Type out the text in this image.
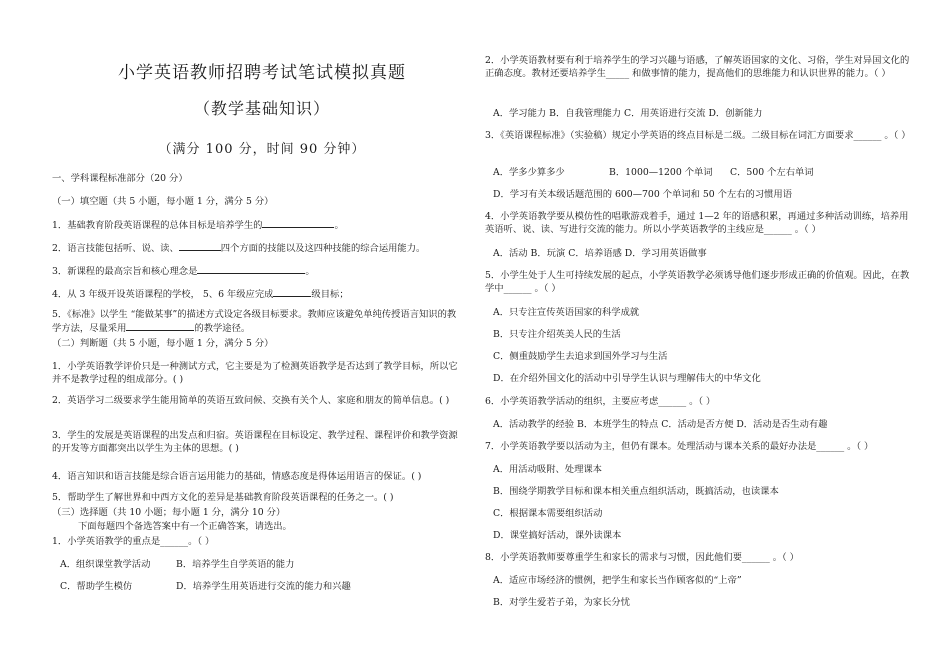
小学英语教师招聘考试笔试模拟真题
（教学基础知识）
（满分 100 分，时间 90 分钟）
一、学科课程标准部分（20 分）
（一）填空题（共 5 小题，每小题 1 分，满分 5 分）
1．基础教育阶段英语课程的总体目标是培养学生的	。
2．语言技能包括听、说、读、	四个方面的技能以及这四种技能的综合运用能力。
3．新课程的最高宗旨和核心理念是	。
4．从 3 年级开设英语课程的学校， 5、6 年级应完成	级目标；
5．《标准》以学生 “能做某事”的描述方式设定各级目标要求。教师应该避免单纯传授语言知识的教学方法，尽量采用	的教学途径。
（二）判断题（共 5 小题，每小题 1 分，满分 5 分）
1．小学英语教学评价只是一种测试方式，它主要是为了检测英语教学是否达到了教学目标，所以它并不是教学过程的组成部分。( )
2．英语学习二级要求学生能用简单的英语互致问候、交换有关个人、家庭和朋友的简单信息。( )
3．学生的发展是英语课程的出发点和归宿。英语课程在目标设定、教学过程、课程评价和教学资源的开发等方面都突出以学生为主体的思想。( )
4．语言知识和语言技能是综合语言运用能力的基础，情感态度是得体运用语言的保证。( )
5．帮助学生了解世界和中西方文化的差异是基础教育阶段英语课程的任务之一。( )
（三）选择题（共 10 小题；每小题 1 分，满分 10 分）
下面每题四个备选答案中有一个正确答案，请选出。
1．小学英语教学的重点是______。（ ）
A．组织课堂教学活动	B．培养学生自学英语的能力
C．帮助学生模仿	D．培养学生用英语进行交流的能力和兴趣
2．小学英语教材要有利于培养学生的学习兴趣与语感，了解英语国家的文化、习俗，学生对异国文化的正确态度。教材还要培养学生_____ 和做事情的能力，提高他们的思维能力和认识世界的能力。（ ）
A．学习能力 B．自我管理能力 C．用英语进行交流 D．创新能力
3．《英语课程标准》（实验稿）规定小学英语的终点目标是二级。二级目标在词汇方面要求______ 。（ ）
A．学多少算多少	B．1000—1200 个单词 C．500 个左右单词
D．学习有关本级话题范围的 600—700 个单词和 50 个左右的习惯用语
4．小学英语教学要从模仿性的唱歌游戏着手，通过 1—2 年的语感积累，再通过多种活动训练，培养用英语听、说、读、写进行交流的能力。所以小学英语教学的主线应是______ 。（ ）
A．活动 B．玩演 C．培养语感 D．学习用英语做事
5．小学生处于人生可持续发展的起点，小学英语教学必须诱导他们逐步形成正确的价值观。因此，在教学中______ 。（ ）
A．只专注宣传英语国家的科学成就
B．只专注介绍英美人民的生活
C．侧重鼓励学生去追求到国外学习与生活
D．在介绍外国文化的活动中引导学生认识与理解伟大的中华文化
6．小学英语教学活动的组织，主要应考虑______ 。（ ）
A．活动教学的经验 B．本班学生的特点 C．活动是否方便 D．活动是否生动有趣
7．小学英语教学要以活动为主，但仍有课本。处理活动与课本关系的最好办法是______ 。（ ）
A．用活动吸附、处理课本
B．围绕学期教学目标和课本相关重点组织活动，既搞活动，也读课本
C．根据课本需要组织活动
D．课堂搞好活动，课外读课本
8．小学英语教师要尊重学生和家长的需求与习惯，因此他们要______ 。（ ）
A．适应市场经济的惯例，把学生和家长当作顾客似的“上帝”
B．对学生爱若子弟，为家长分忧
